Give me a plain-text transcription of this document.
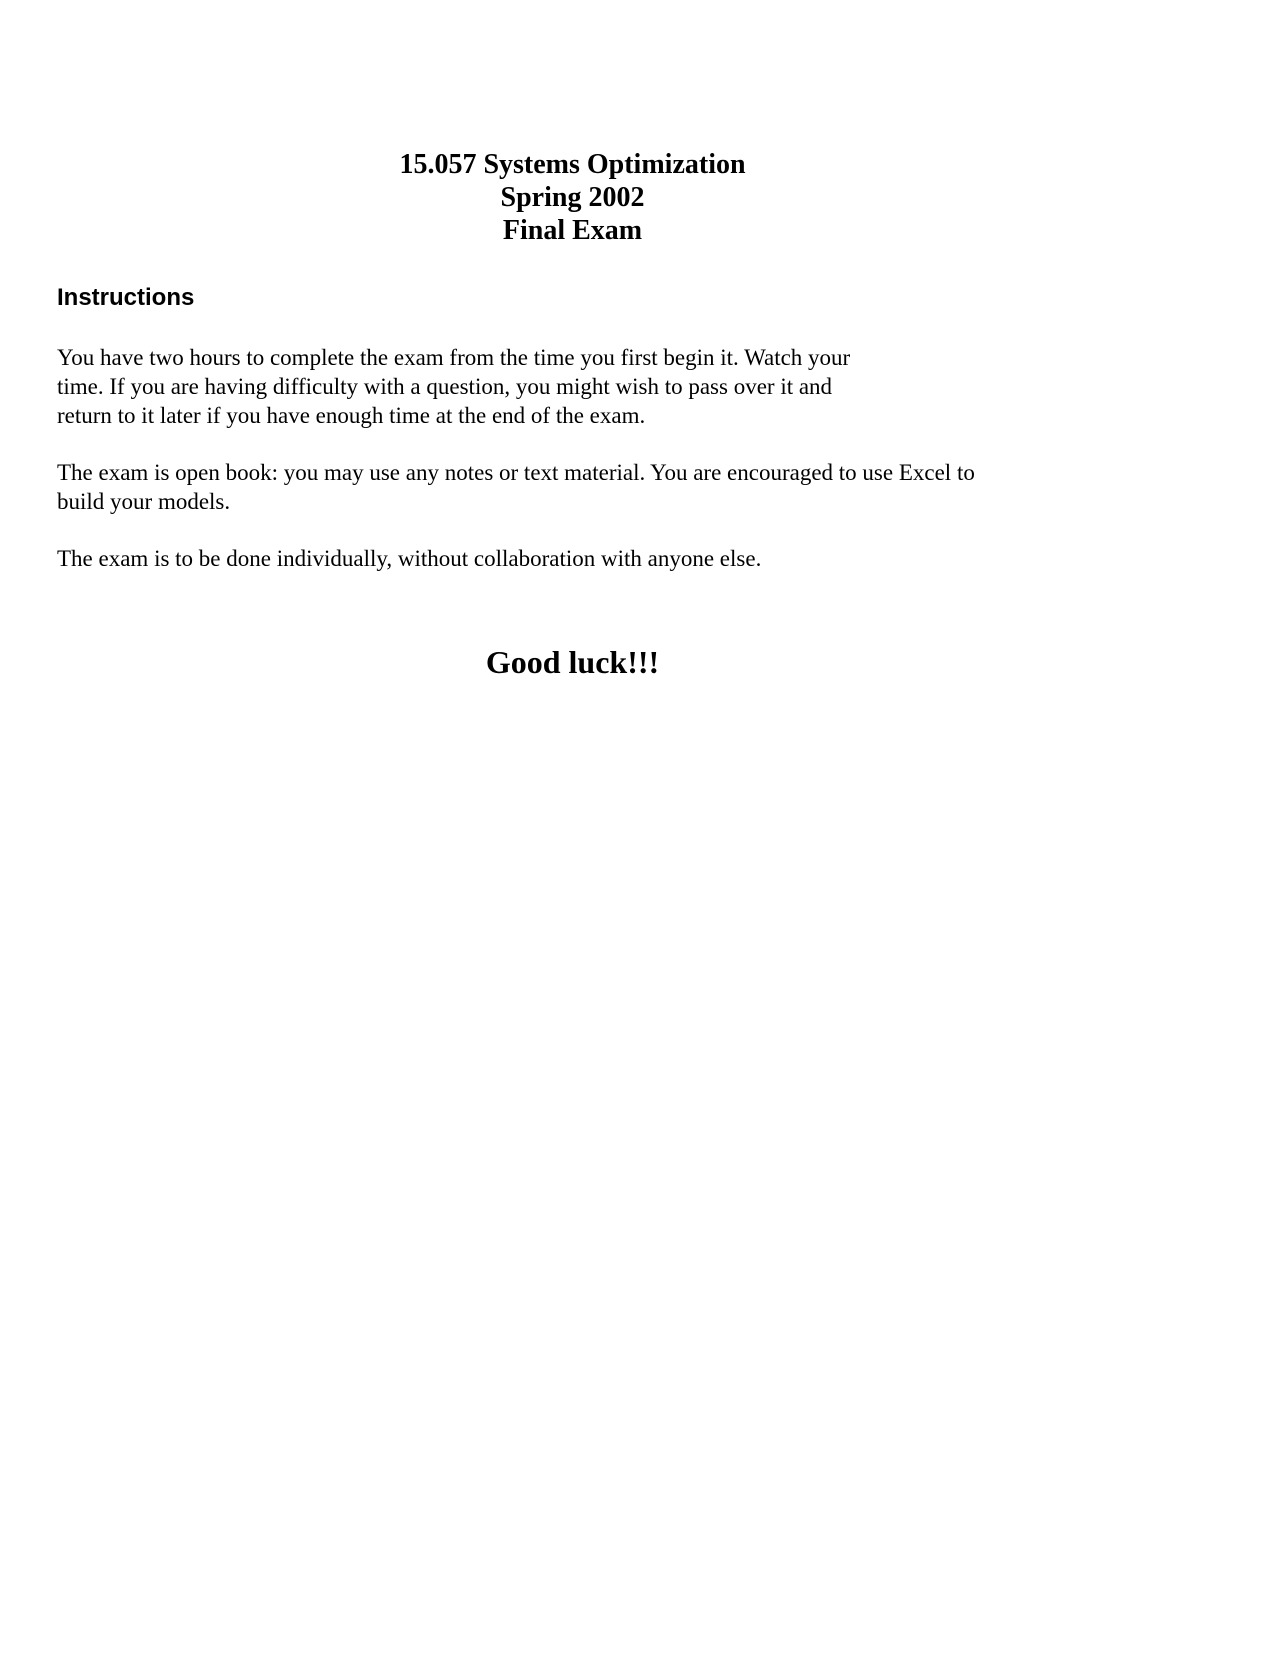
15.057 Systems Optimization
Spring 2002
Final Exam
Instructions
You have two hours to complete the exam from the time you first begin it. Watch your
time. If you are having difficulty with a question, you might wish to pass over it and
return to it later if you have enough time at the end of the exam.
The exam is open book: you may use any notes or text material. You are encouraged to use Excel to
build your models.
The exam is to be done individually, without collaboration with anyone else.
Good luck!!!
